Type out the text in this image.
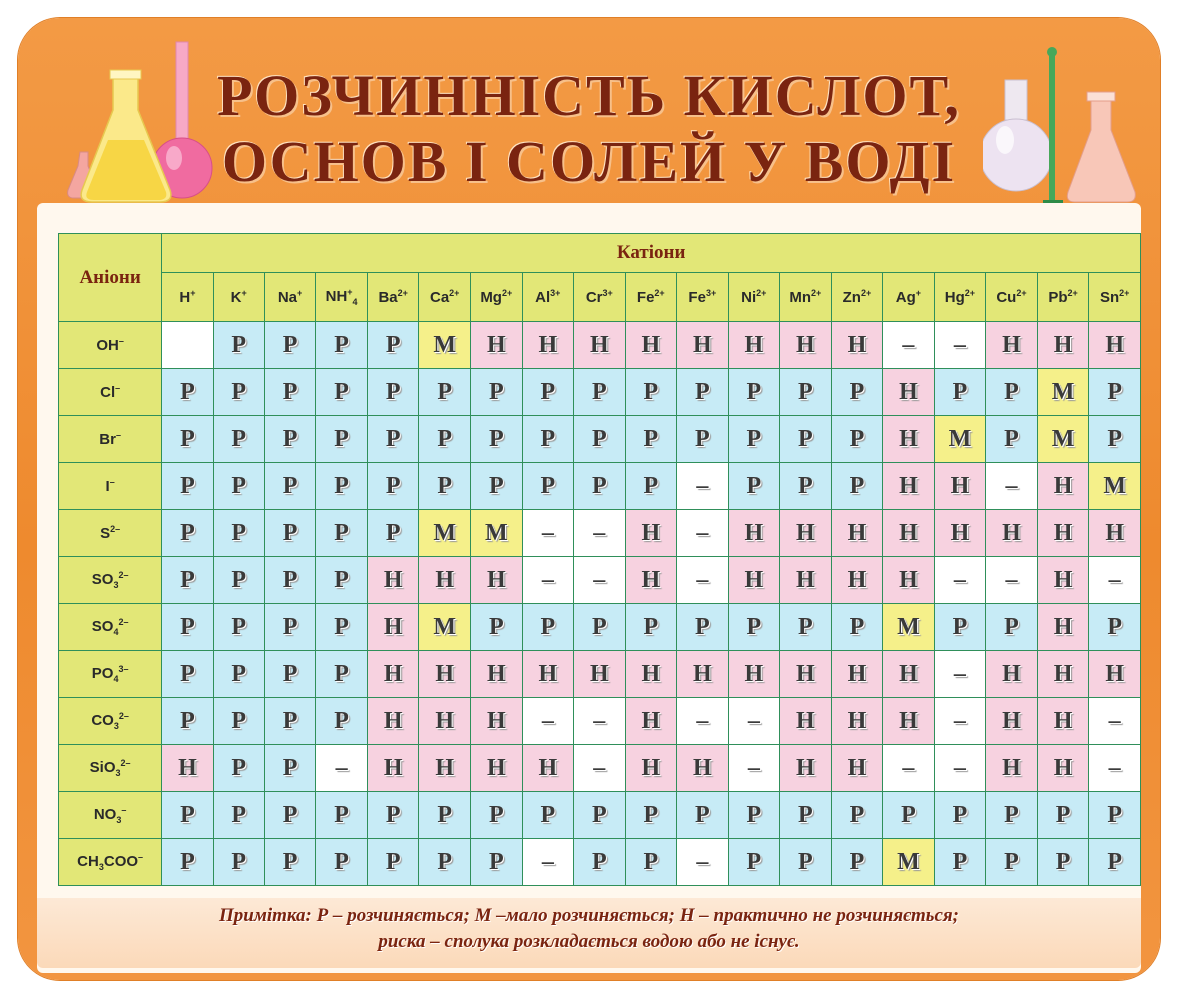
РОЗЧИННІСТЬ КИСЛОТ,
ОСНОВ І СОЛЕЙ У ВОДІ
Аніони	Катіони																		
	H+	K+	Na+	$NH^+_4$	$Ba^{2+}$	$Ca^{2+}$	$Mg^{2+}$	$Al^{3+}$	$Cr^{3+}$	$Fe^{2+}$	$Fe^{3+}$	$Ni^{2+}$	$Mn^{2+}$	$Zn^{2+}$	Ag+	$Hg^{2+}$	$Cu^{2+}$	$Pb^{2+}$	$Sn^{2+}$
OH–		Р	Р	Р	Р	М	Н	Н	Н	Н	Н	Н	Н	Н	–	–	Н	Н	Н
Cl–	Р	Р	Р	Р	Р	Р	Р	Р	Р	Р	Р	Р	Р	Р	Н	Р	Р	М	Р
Br–	Р	Р	Р	Р	Р	Р	Р	Р	Р	Р	Р	Р	Р	Р	Н	М	Р	М	Р
I–	Р	Р	Р	Р	Р	Р	Р	Р	Р	Р	–	Р	Р	Р	Н	Н	–	Н	М
$S^{2-}$	Р	Р	Р	Р	Р	М	М	–	–	Н	–	Н	Н	Н	Н	Н	Н	Н	Н
$SO_3^{2-}$	Р	Р	Р	Р	Н	Н	Н	–	–	Н	–	Н	Н	Н	Н	–	–	Н	–
$SO_4^{2-}$	Р	Р	Р	Р	Н	М	Р	Р	Р	Р	Р	Р	Р	Р	М	Р	Р	Н	Р
$PO_4^{3-}$	Р	Р	Р	Р	Н	Н	Н	Н	Н	Н	Н	Н	Н	Н	Н	–	Н	Н	Н
$CO_3^{2-}$	Р	Р	Р	Р	Н	Н	Н	–	–	Н	–	–	Н	Н	Н	–	Н	Н	–
SiO$_3^{2-}$	Н	Р	Р	–	Н	Н	Н	Н	–	Н	Н	–	Н	Н	–	–	Н	Н	–
$NO_3^-$	Р	Р	Р	Р	Р	Р	Р	Р	Р	Р	Р	Р	Р	Р	Р	Р	Р	Р	Р
$CH_3COO^-$	Р	Р	Р	Р	Р	Р	Р	–	Р	Р	–	Р	Р	Р	М	Р	Р	Р	Р
Примітка: Р – розчиняється; М –мало розчиняється; Н – практично не розчиняється;
риска – сполука розкладається водою або не існує.
